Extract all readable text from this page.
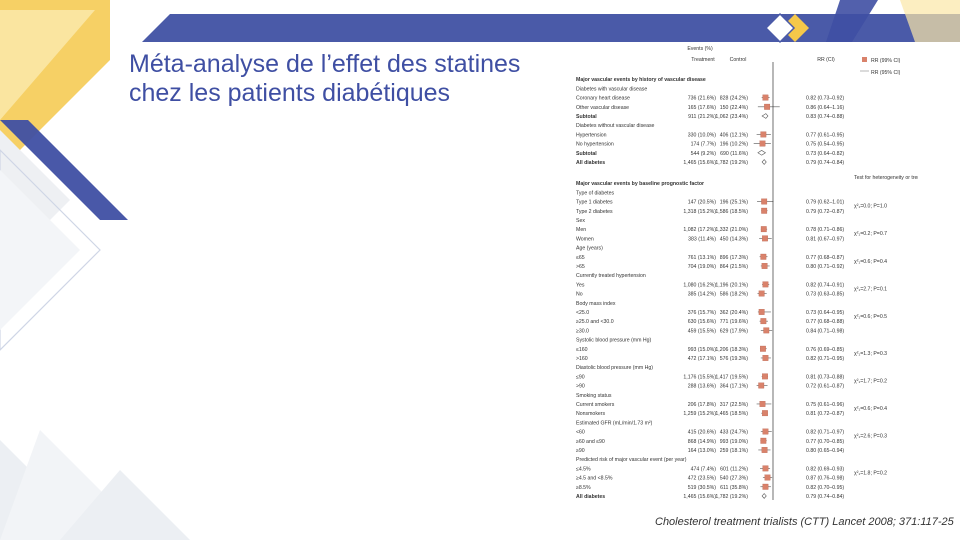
Méta-analyse de l’effet des statines
chez les patients diabétiques
Events (%)
Treatment	Control	RR (CI)	RR (99% CI)
RR (95% CI)
Major vascular events by history of vascular disease
Diabetes with vascular disease
Coronary heart disease	736 (21.6%) 828 (24.2%)	0.82 (0.73–0.92)
Other vascular disease	165 (17.6%) 150 (22.4%)	0.86 (0.64–1.16)
Subtotal	911 (21.2%) 1,062 (23.4%)	0.83 (0.74–0.88)
Diabetes without vascular disease
Hypertension	330 (10.0%) 406 (12.1%)	0.77 (0.61–0.95)
No hypertension	174 (7.7%) 196 (10.2%)	0.75 (0.54–0.95)
Subtotal	544 (9.2%) 690 (11.6%)	0.73 (0.64–0.82)
All diabetes	1,465 (15.6%) 1,782 (19.2%)	0.79 (0.74–0.84)
Major vascular events by baseline prognostic factor
Test for heterogeneity or trend
Type of diabetes
Type 1 diabetes	147 (20.5%) 196 (25.1%)	0.79 (0.62–1.01)
χ²₁=0.0; P=1.0
Type 2 diabetes	1,318 (15.2%) 1,586 (18.5%)	0.79 (0.72–0.87)
Sex
Men	1,082 (17.2%) 1,332 (21.0%)	0.78 (0.71–0.86)
χ²₁=0.2; P=0.7
Women	383 (11.4%) 450 (14.3%)	0.81 (0.67–0.97)
Age (years)
≤65	761 (13.1%) 896 (17.3%)	0.77 (0.68–0.87)
χ²₁=0.6; P=0.4
>65	704 (19.0%) 864 (21.5%)	0.80 (0.71–0.92)
Currently treated hypertension
Yes	1,080 (16.2%) 1,196 (20.1%)	0.82 (0.74–0.91)
χ²₁=2.7; P=0.1
No	385 (14.2%) 586 (18.2%)	0.73 (0.63–0.85)
Body mass index
<25.0	376 (15.7%) 362 (20.4%)	0.73 (0.64–0.95)
χ²₁=0.6; P=0.5
≥25.0 and <30.0	630 (15.6%) 771 (19.6%)	0.77 (0.68–0.88)
≥30.0	459 (15.5%) 629 (17.9%)	0.84 (0.71–0.98)
Systolic blood pressure (mm Hg)
≤160	993 (15.0%) 1,206 (18.3%)	0.76 (0.69–0.85)
χ²₁=1.3; P=0.3
>160	472 (17.1%) 576 (19.3%)	0.82 (0.71–0.95)
Diastolic blood pressure (mm Hg)
≤90	1,176 (15.5%) 1,417 (19.5%)	0.81 (0.73–0.88)
χ²₁=1.7; P=0.2
>90	288 (13.6%) 364 (17.1%)	0.72 (0.61–0.87)
Smoking status
Current smokers	206 (17.8%) 317 (22.5%)	0.75 (0.61–0.96)
χ²₁=0.6; P=0.4
Nonsmokers	1,259 (15.2%) 1,465 (18.5%)	0.81 (0.72–0.87)
Estimated GFR (mL/min/1.73 m²)
<60	415 (20.6%) 433 (24.7%)	0.82 (0.71–0.97)
χ²₁=2.6; P=0.3
≥60 and ≤90	868 (14.9%) 993 (19.0%)	0.77 (0.70–0.85)
≥90	164 (13.0%) 259 (18.1%)	0.80 (0.65–0.94)
Predicted risk of major vascular event (per year)
≤4.5%	474 (7.4%) 601 (11.2%)	0.82 (0.69–0.93)
χ²₁=1.8; P=0.2
≥4.5 and <8.5%	472 (23.5%) 540 (27.3%)	0.87 (0.76–0.98)
≥8.5%	519 (30.5%) 611 (35.8%)	0.82 (0.70–0.95)
All diabetes	1,465 (15.6%) 1,782 (19.2%)	0.79 (0.74–0.84)
Cholesterol treatment trialists (CTT) Lancet 2008; 371:117-25
